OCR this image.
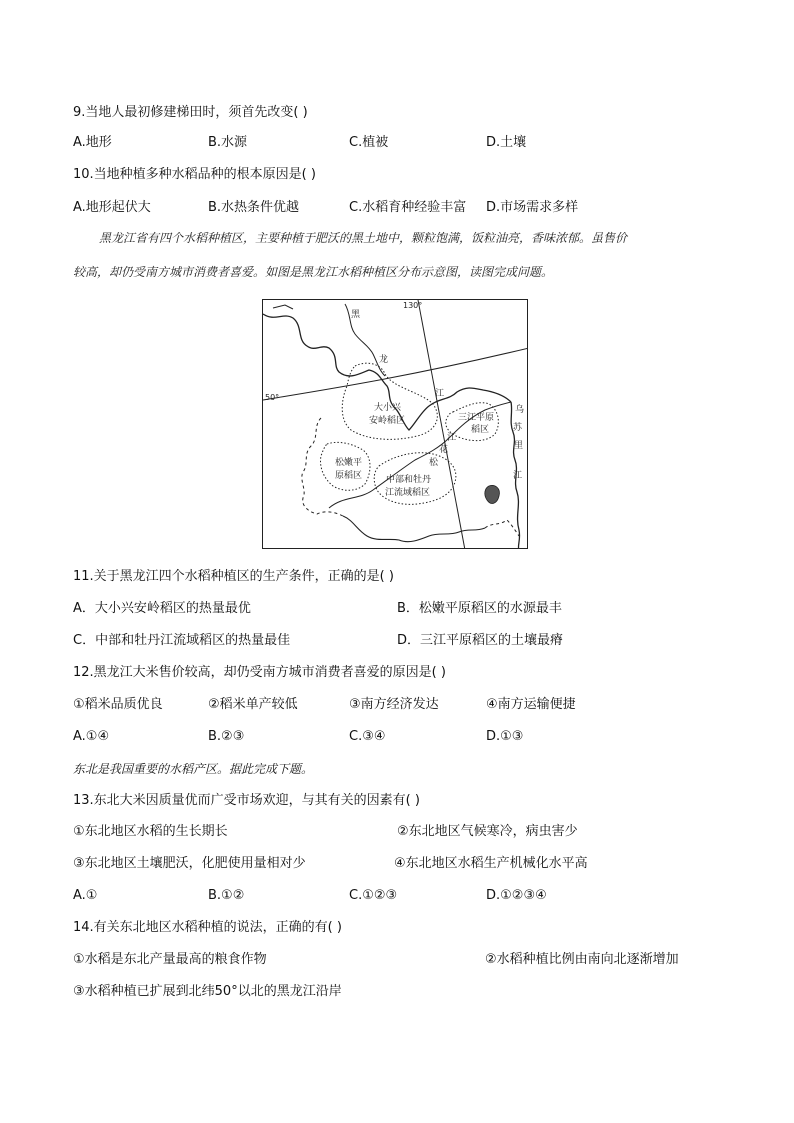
9.当地人最初修建梯田时，须首先改变( )
A.地形	B.水源	C.植被	D.土壤
10.当地种植多种水稻品种的根本原因是( )
A.地形起伏大	B.水热条件优越	C.水稻育种经验丰富 D.市场需求多样
黑龙江省有四个水稻种植区，主要种植于肥沃的黑土地中，颗粒饱满，饭粒油亮，香味浓郁。虽售价
较高，却仍受南方城市消费者喜爱。如图是黑龙江水稻种植区分布示意图，读图完成问题。
130°
50°
黑
龙
江
乌
苏
里
江
松
花
江
大小兴
安岭稻区	三江平原
稻区
松嫩平
原稻区	中部和牡丹
江流域稻区
11.关于黑龙江四个水稻种植区的生产条件，正确的是( )
A．大小兴安岭稻区的热量最优	B．松嫩平原稻区的水源最丰
C．中部和牡丹江流域稻区的热量最佳	D．三江平原稻区的土壤最瘠
12.黑龙江大米售价较高，却仍受南方城市消费者喜爱的原因是( )
①稻米品质优良	②稻米单产较低	③南方经济发达	④南方运输便捷
A.①④	B.②③	C.③④	D.①③
东北是我国重要的水稻产区。据此完成下题。
13.东北大米因质量优而广受市场欢迎，与其有关的因素有( )
①东北地区水稻的生长期长	②东北地区气候寒冷，病虫害少
③东北地区土壤肥沃，化肥使用量相对少	④东北地区水稻生产机械化水平高
A.①	B.①②	C.①②③	D.①②③④
14.有关东北地区水稻种植的说法，正确的有( )
①水稻是东北产量最高的粮食作物	②水稻种植比例由南向北逐渐增加
③水稻种植已扩展到北纬50°以北的黑龙江沿岸
